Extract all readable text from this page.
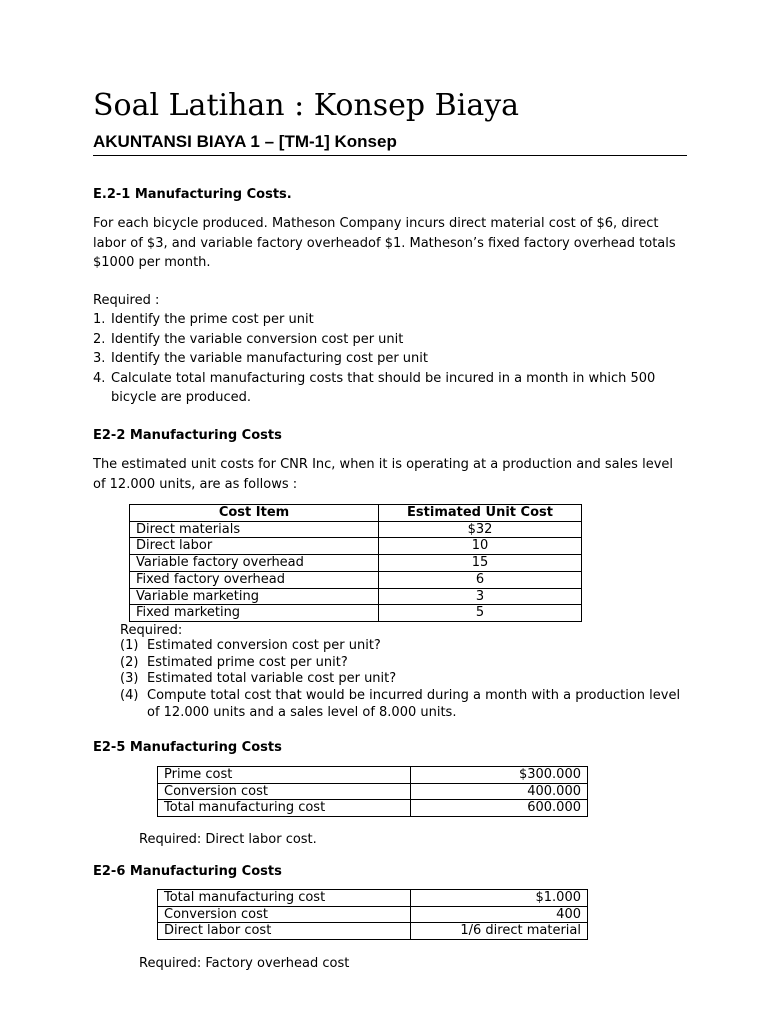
Soal Latihan : Konsep Biaya
AKUNTANSI BIAYA 1 – [TM-1] Konsep
E.2-1 Manufacturing Costs.
For each bicycle produced. Matheson Company incurs direct material cost of $6, direct labor of $3, and variable factory overheadof $1. Matheson’s fixed factory overhead totals $1000 per month.
Required :
1. Identify the prime cost per unit
2. Identify the variable conversion cost per unit
3. Identify the variable manufacturing cost per unit
4. Calculate total manufacturing costs that should be incured in a month in which 500 bicycle are produced.
E2-2 Manufacturing Costs
The estimated unit costs for CNR Inc, when it is operating at a production and sales level of 12.000 units, are as follows :
Cost Item	Estimated Unit Cost
Direct materials	$32
Direct labor	10
Variable factory overhead	15
Fixed factory overhead	6
Variable marketing	3
Fixed marketing	5
Required:
(1) Estimated conversion cost per unit?
(2) Estimated prime cost per unit?
(3) Estimated total variable cost per unit?
(4) Compute total cost that would be incurred during a month with a production level of 12.000 units and a sales level of 8.000 units.
E2-5 Manufacturing Costs
Prime cost	$300.000
Conversion cost	400.000
Total manufacturing cost	600.000
Required: Direct labor cost.
E2-6 Manufacturing Costs
Total manufacturing cost	$1.000
Conversion cost	400
Direct labor cost	1/6 direct material
Required: Factory overhead cost
